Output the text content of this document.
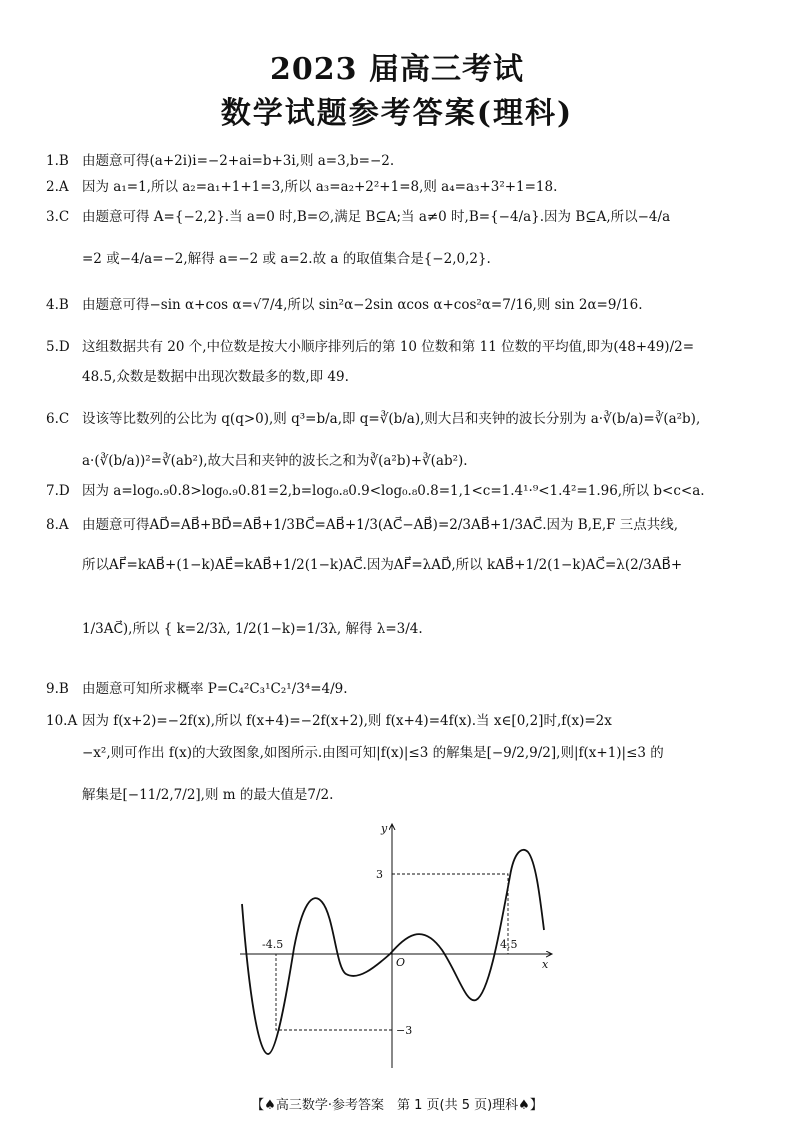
2023 届高三考试
数学试题参考答案(理科)
1.B 由题意可得(a+2i)i=−2+ai=b+3i,则 a=3,b=−2.
2.A 因为 a₁=1,所以 a₂=a₁+1+1=3,所以 a₃=a₂+2²+1=8,则 a₄=a₃+3²+1=18.
3.C 由题意可得 A={−2,2}.当 a=0 时,B=∅,满足 B⊆A;当 a≠0 时,B={−4/a}.因为 B⊆A,所以−4/a
=2 或−4/a=−2,解得 a=−2 或 a=2.故 a 的取值集合是{−2,0,2}.
4.B 由题意可得−sin α+cos α=√7/4,所以 sin²α−2sin αcos α+cos²α=7/16,则 sin 2α=9/16.
5.D 这组数据共有 20 个,中位数是按大小顺序排列后的第 10 位数和第 11 位数的平均值,即为(48+49)/2=
48.5,众数是数据中出现次数最多的数,即 49.
6.C 设该等比数列的公比为 q(q>0),则 q³=b/a,即 q=∛(b/a),则大吕和夹钟的波长分别为 a·∛(b/a)=∛(a²b),
a·(∛(b/a))²=∛(ab²),故大吕和夹钟的波长之和为∛(a²b)+∛(ab²).
7.D 因为 a=log₀.₉0.8>log₀.₉0.81=2,b=log₀.₈0.9<log₀.₈0.8=1,1<c=1.4¹·⁹<1.4²=1.96,所以 b<c<a.
8.A 由题意可得AD⃗=AB⃗+BD⃗=AB⃗+1/3BC⃗=AB⃗+1/3(AC⃗−AB⃗)=2/3AB⃗+1/3AC⃗.因为 B,E,F 三点共线,
所以AF⃗=kAB⃗+(1−k)AE⃗=kAB⃗+1/2(1−k)AC⃗.因为AF⃗=λAD⃗,所以 kAB⃗+1/2(1−k)AC⃗=λ(2/3AB⃗+
1/3AC⃗),所以 { k=2/3λ, 1/2(1−k)=1/3λ, 解得 λ=3/4.
9.B 由题意可知所求概率 P=C₄²C₃¹C₂¹/3⁴=4/9.
10.A 因为 f(x+2)=−2f(x),所以 f(x+4)=−2f(x+2),则 f(x+4)=4f(x).当 x∈[0,2]时,f(x)=2x
−x²,则可作出 f(x)的大致图象,如图所示.由图可知|f(x)|≤3 的解集是[−9/2,9/2],则|f(x+1)|≤3 的
解集是[−11/2,7/2],则 m 的最大值是7/2.
y
x
O
3
−3
-4.5	4.5
【♠高三数学·参考答案　第 1 页(共 5 页)理科♠】
